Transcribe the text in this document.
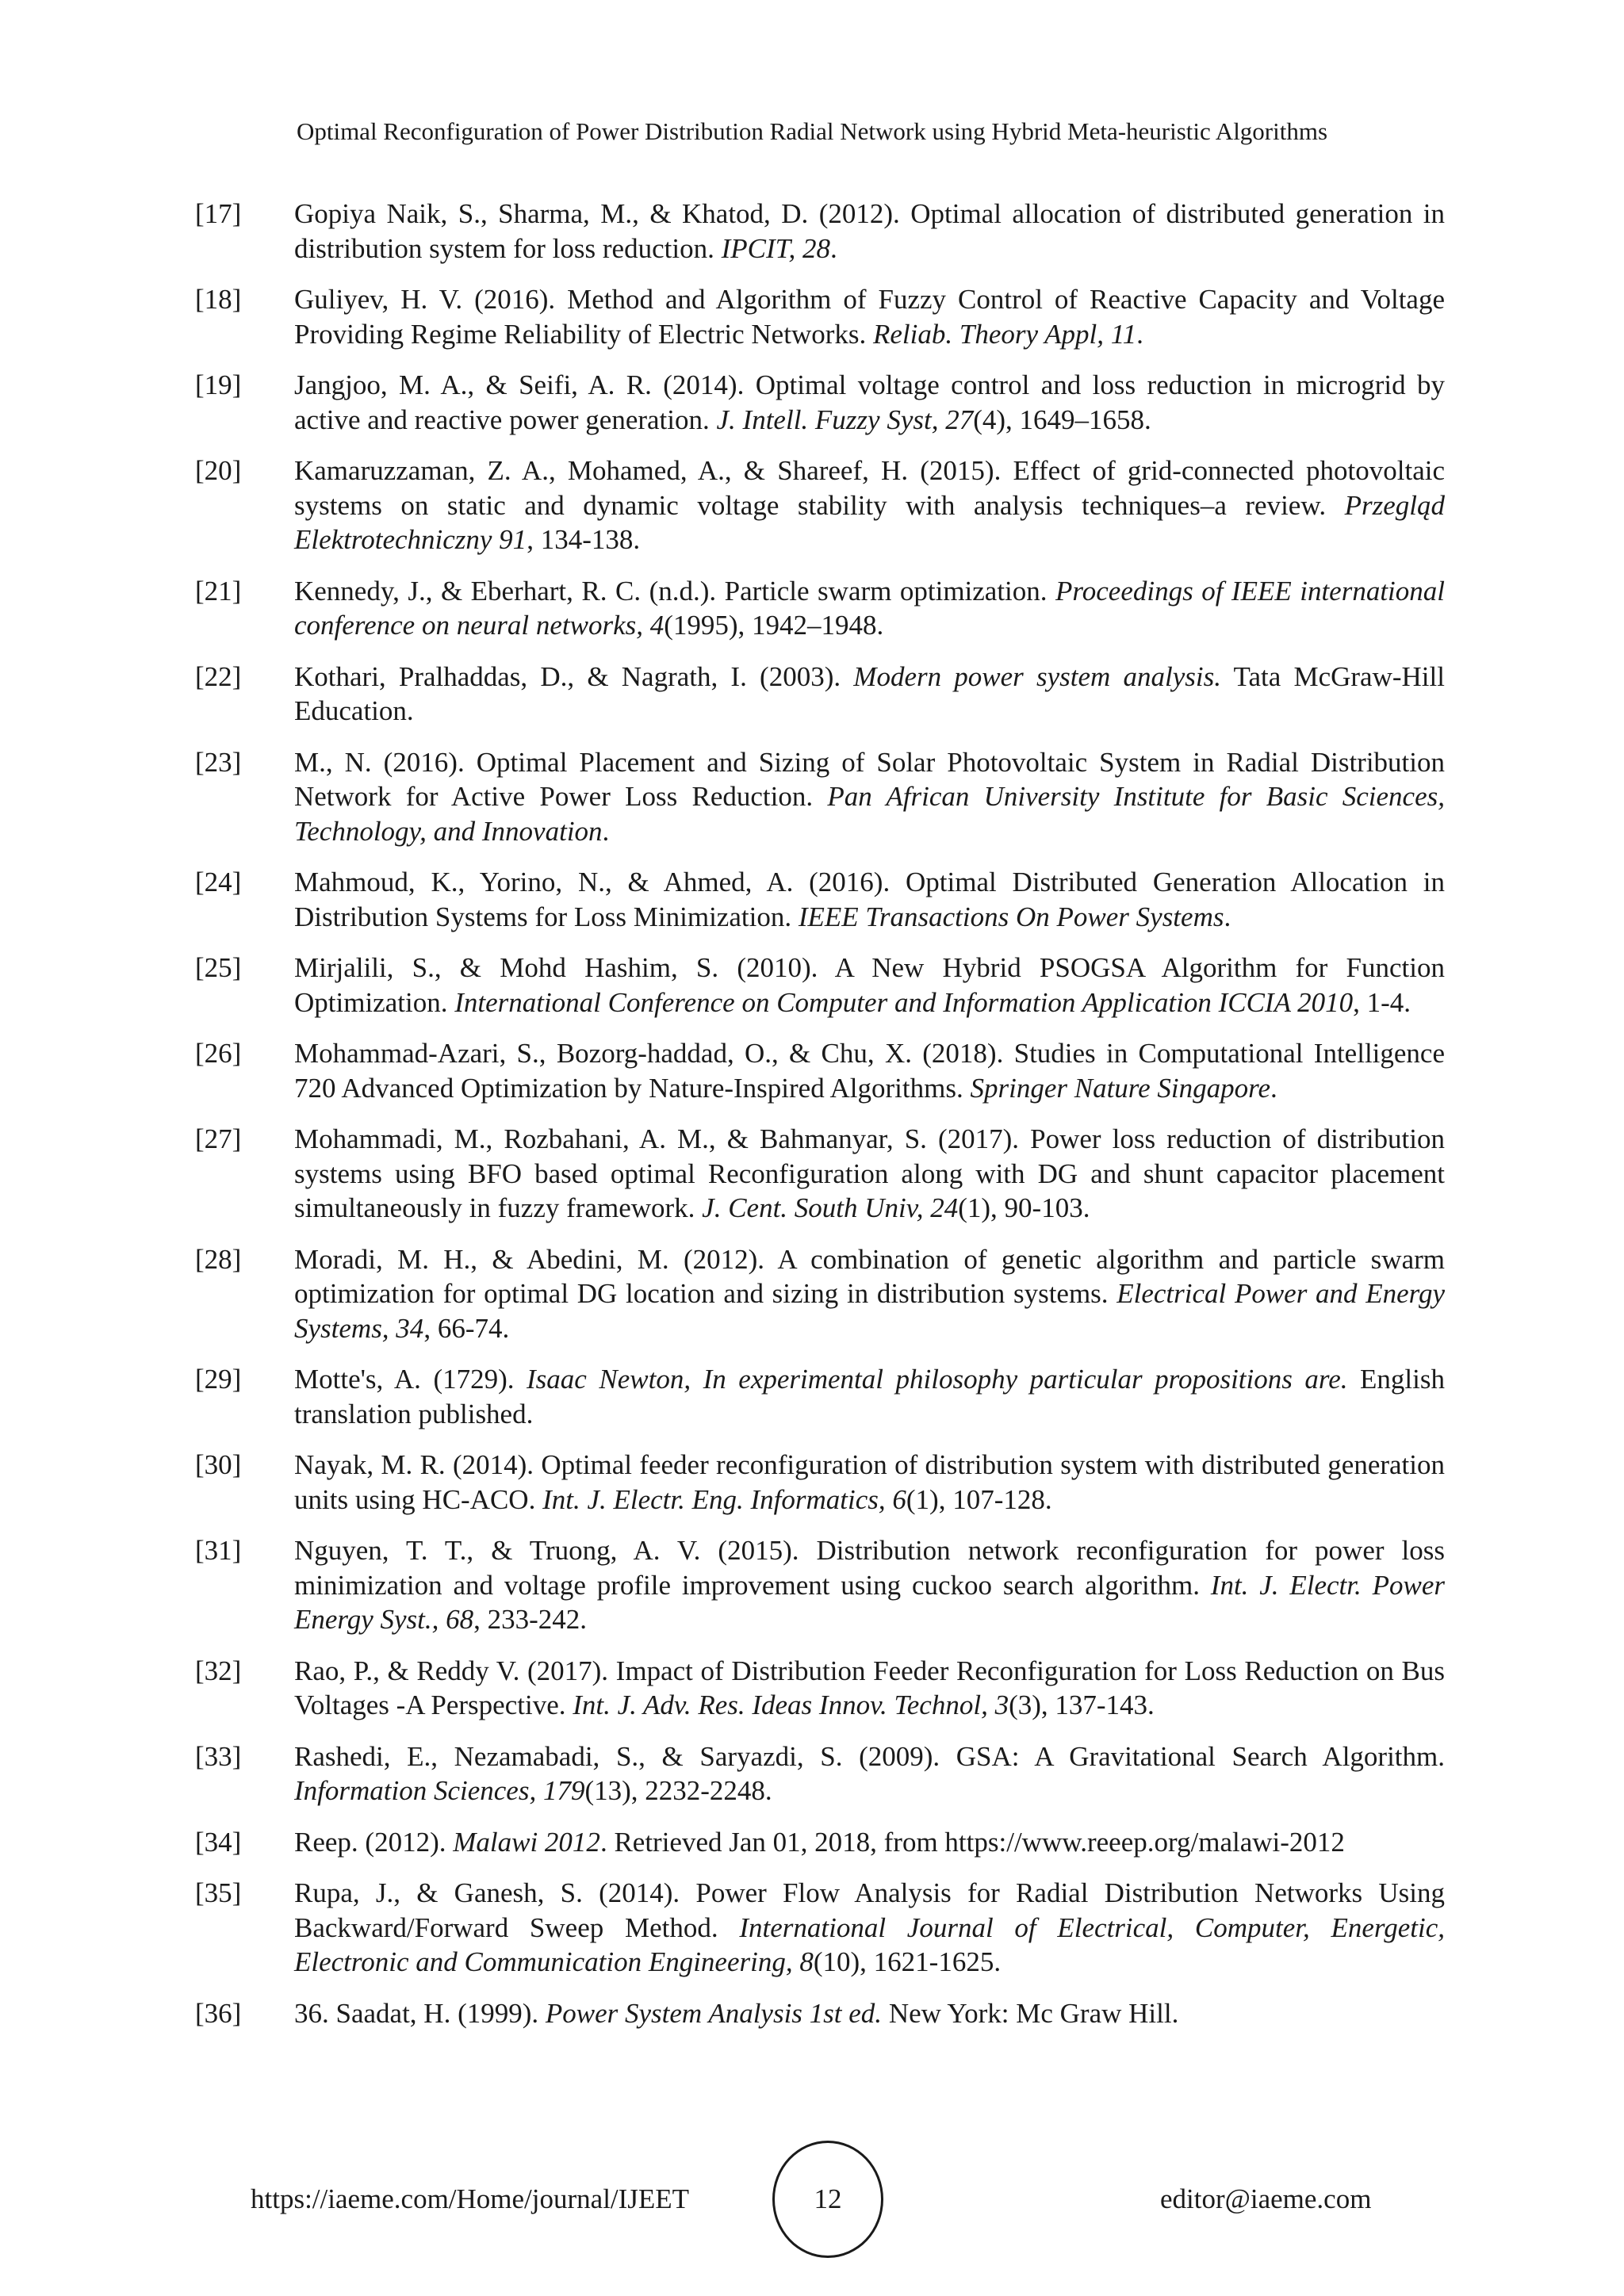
Optimal Reconfiguration of Power Distribution Radial Network using Hybrid Meta-heuristic Algorithms
[17]	Gopiya Naik, S., Sharma, M., & Khatod, D. (2012). Optimal allocation of distributed generation in distribution system for loss reduction. IPCIT, 28.
[18]	Guliyev, H. V. (2016). Method and Algorithm of Fuzzy Control of Reactive Capacity and Voltage Providing Regime Reliability of Electric Networks. Reliab. Theory Appl, 11.
[19]	Jangjoo, M. A., & Seifi, A. R. (2014). Optimal voltage control and loss reduction in microgrid by active and reactive power generation. J. Intell. Fuzzy Syst, 27(4), 1649–1658.
[20]	Kamaruzzaman, Z. A., Mohamed, A., & Shareef, H. (2015). Effect of grid-connected photovoltaic systems on static and dynamic voltage stability with analysis techniques–a review. Przegląd Elektrotechniczny 91, 134-138.
[21]	Kennedy, J., & Eberhart, R. C. (n.d.). Particle swarm optimization. Proceedings of IEEE international conference on neural networks, 4(1995), 1942–1948.
[22]	Kothari, Pralhaddas, D., & Nagrath, I. (2003). Modern power system analysis. Tata McGraw-Hill Education.
[23]	M., N. (2016). Optimal Placement and Sizing of Solar Photovoltaic System in Radial Distribution Network for Active Power Loss Reduction. Pan African University Institute for Basic Sciences, Technology, and Innovation.
[24]	Mahmoud, K., Yorino, N., & Ahmed, A. (2016). Optimal Distributed Generation Allocation in Distribution Systems for Loss Minimization. IEEE Transactions On Power Systems.
[25]	Mirjalili, S., & Mohd Hashim, S. (2010). A New Hybrid PSOGSA Algorithm for Function Optimization. International Conference on Computer and Information Application ICCIA 2010, 1-4.
[26]	Mohammad-Azari, S., Bozorg-haddad, O., & Chu, X. (2018). Studies in Computational Intelligence 720 Advanced Optimization by Nature-Inspired Algorithms. Springer Nature Singapore.
[27]	Mohammadi, M., Rozbahani, A. M., & Bahmanyar, S. (2017). Power loss reduction of distribution systems using BFO based optimal Reconfiguration along with DG and shunt capacitor placement simultaneously in fuzzy framework. J. Cent. South Univ, 24(1), 90-103.
[28]	Moradi, M. H., & Abedini, M. (2012). A combination of genetic algorithm and particle swarm optimization for optimal DG location and sizing in distribution systems. Electrical Power and Energy Systems, 34, 66-74.
[29]	Motte's, A. (1729). Isaac Newton, In experimental philosophy particular propositions are. English translation published.
[30]	Nayak, M. R. (2014). Optimal feeder reconfiguration of distribution system with distributed generation units using HC-ACO. Int. J. Electr. Eng. Informatics, 6(1), 107-128.
[31]	Nguyen, T. T., & Truong, A. V. (2015). Distribution network reconfiguration for power loss minimization and voltage profile improvement using cuckoo search algorithm. Int. J. Electr. Power Energy Syst., 68, 233-242.
[32]	Rao, P., & Reddy V. (2017). Impact of Distribution Feeder Reconfiguration for Loss Reduction on Bus Voltages -A Perspective. Int. J. Adv. Res. Ideas Innov. Technol, 3(3), 137-143.
[33]	Rashedi, E., Nezamabadi, S., & Saryazdi, S. (2009). GSA: A Gravitational Search Algorithm. Information Sciences, 179(13), 2232-2248.
[34]	Reep. (2012). Malawi 2012. Retrieved Jan 01, 2018, from https://www.reeep.org/malawi-2012
[35]	Rupa, J., & Ganesh, S. (2014). Power Flow Analysis for Radial Distribution Networks Using Backward/Forward Sweep Method. International Journal of Electrical, Computer, Energetic, Electronic and Communication Engineering, 8(10), 1621-1625.
[36]	36. Saadat, H. (1999). Power System Analysis 1st ed. New York: Mc Graw Hill.
https://iaeme.com/Home/journal/IJEET	12	editor@iaeme.com
